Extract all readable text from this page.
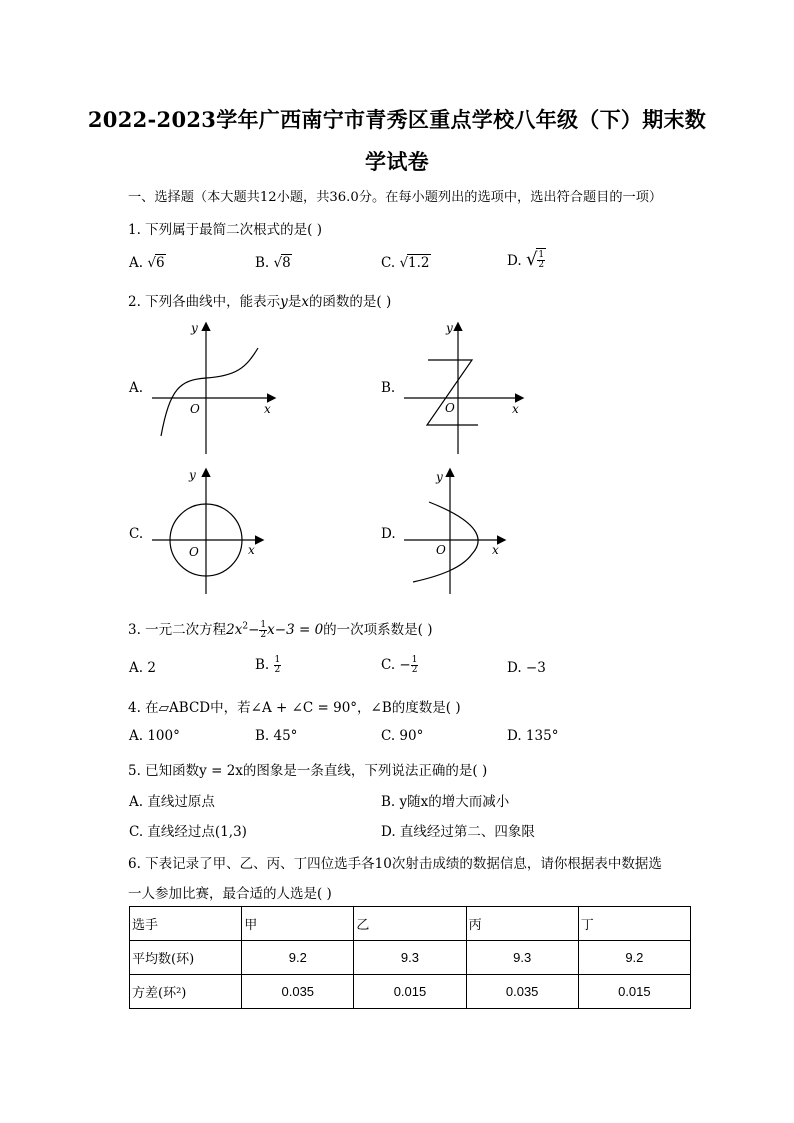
2022-2023学年广西南宁市青秀区重点学校八年级（下）期末数
学试卷
一、选择题（本大题共12小题，共36.0分。在每小题列出的选项中，选出符合题目的一项）
1. 下列属于最简二次根式的是( )
A. √6	B. √8	C. √1.2	D. √ $\frac{1}{2}$
2. 下列各曲线中，能表示y是x的函数的是( )
A.	B.
C.	D.
O	x
y
O	x
y
O	x
y
O	x
y
3. 一元二次方程$2x^2- \frac{1}{2} x-3 = 0$的一次项系数是( )
A. 2	B. $\frac{1}{2}$	C. − $\frac{1}{2}$	D. −3
4. 在▱ABCD中，若∠A + ∠C = 90°，∠B的度数是( )
A. 100°	B. 45°	C. 90°	D. 135°
5. 已知函数y = 2x的图象是一条直线，下列说法正确的是( )
A. 直线过原点	B. y随x的增大而减小
C. 直线经过点(1,3)	D. 直线经过第二、四象限
6. 下表记录了甲、乙、丙、丁四位选手各10次射击成绩的数据信息，请你根据表中数据选
一人参加比赛，最合适的人选是( )
选手	甲	乙	丙	丁
平均数(环)	9.2	9.3	9.3	9.2
方差(环²)	0.035	0.015	0.035	0.015
